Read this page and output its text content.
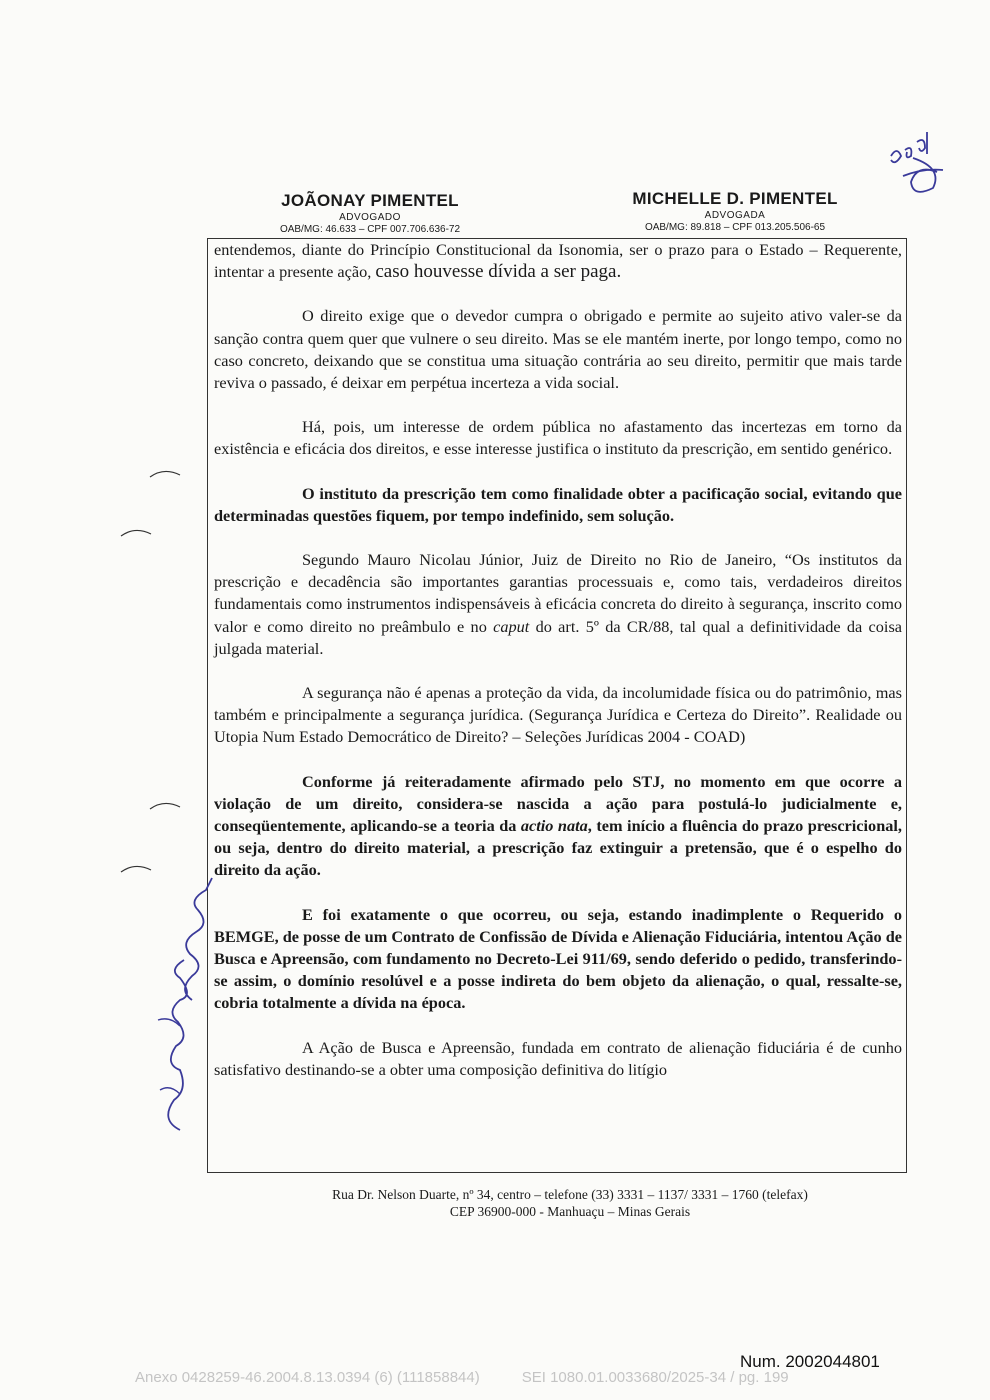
JOÃONAY PIMENTEL
ADVOGADO
OAB/MG: 46.633 – CPF 007.706.636-72
MICHELLE D. PIMENTEL
ADVOGADA
OAB/MG: 89.818 – CPF 013.205.506-65

entendemos, diante do Princípio Constitucional da Isonomia, ser o prazo para o Estado – Requerente, intentar a presente ação, caso houvesse dívida a ser paga.

O direito exige que o devedor cumpra o obrigado e permite ao sujeito ativo valer-se da sanção contra quem quer que vulnere o seu direito. Mas se ele mantém inerte, por longo tempo, como no caso concreto, deixando que se constitua uma situação contrária ao seu direito, permitir que mais tarde reviva o passado, é deixar em perpétua incerteza a vida social.

Há, pois, um interesse de ordem pública no afastamento das incertezas em torno da existência e eficácia dos direitos, e esse interesse justifica o instituto da prescrição, em sentido genérico.

O instituto da prescrição tem como finalidade obter a pacificação social, evitando que determinadas questões fiquem, por tempo indefinido, sem solução.

Segundo Mauro Nicolau Júnior, Juiz de Direito no Rio de Janeiro, “Os institutos da prescrição e decadência são importantes garantias processuais e, como tais, verdadeiros direitos fundamentais como instrumentos indispensáveis à eficácia concreta do direito à segurança, inscrito como valor e como direito no preâmbulo e no caput do art. 5º da CR/88, tal qual a definitividade da coisa julgada material.

A segurança não é apenas a proteção da vida, da incolumidade física ou do patrimônio, mas também e principalmente a segurança jurídica. (Segurança Jurídica e Certeza do Direito”. Realidade ou Utopia Num Estado Democrático de Direito? – Seleções Jurídicas 2004 - COAD)

Conforme já reiteradamente afirmado pelo STJ, no momento em que ocorre a violação de um direito, considera-se nascida a ação para postulá-lo judicialmente e, conseqüentemente, aplicando-se a teoria da actio nata, tem início a fluência do prazo prescricional, ou seja, dentro do direito material, a prescrição faz extinguir a pretensão, que é o espelho do direito da ação.

E foi exatamente o que ocorreu, ou seja, estando inadimplente o Requerido o BEMGE, de posse de um Contrato de Confissão de Dívida e Alienação Fiduciária, intentou Ação de Busca e Apreensão, com fundamento no Decreto-Lei 911/69, sendo deferido o pedido, transferindo-se assim, o domínio resolúvel e a posse indireta do bem objeto da alienação, o qual, ressalte-se, cobria totalmente a dívida na época.

A Ação de Busca e Apreensão, fundada em contrato de alienação fiduciária é de cunho satisfativo destinando-se a obter uma composição definitiva do litígio

Rua Dr. Nelson Duarte, nº 34, centro – telefone (33) 3331 – 1137/ 3331 – 1760 (telefax)
CEP 36900-000 - Manhuaçu – Minas Gerais
Num. 2002044801
Anexo 0428259-46.2004.8.13.0394 (6) (111858844)	SEI 1080.01.0033680/2025-34 / pg. 199
